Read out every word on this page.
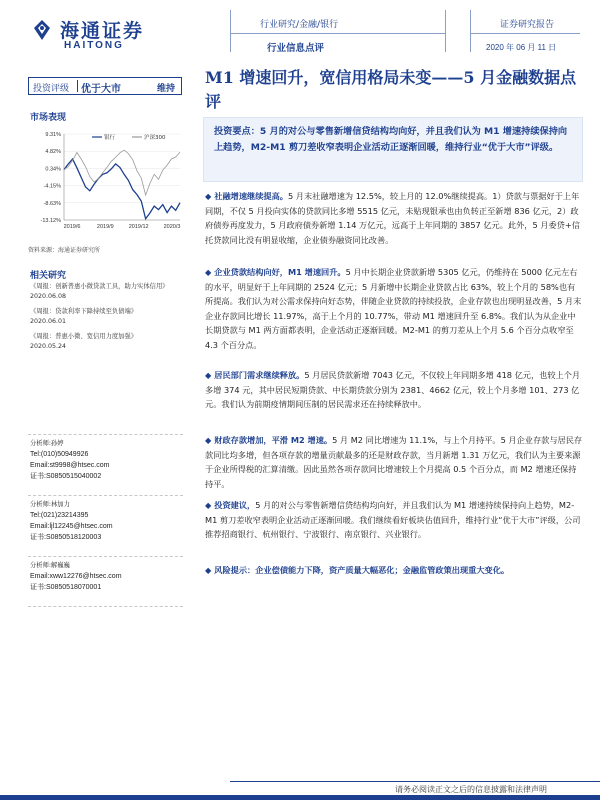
海通证券
HAITONG
行业研究/金融/银行
行业信息点评
证券研究报告
2020 年 06 月 11 日
投资评级 优于大市	维持
市场表现
9.31%
4.82%
0.34%
-4.15%
-8.63%
-13.12%
2019/6	2019/9	2019/12	2020/3
银行	沪深300
资料来源：海通证券研究所
相关研究
《周报：创新普惠小微贷款工具，助力实体信用》
2020.06.08
《周报：贷款利率下降持续至负债端》
2020.06.01
《周报：普惠小微、宽信用力度加强》
2020.05.24
分析师:孙婷
Tel:(010)50949926
Email:st9998@htsec.com
证书:S0850515040002
分析师:林加力
Tel:(021)23214395
Email:ljl12245@htsec.com
证书:S0850518120003
分析师:解巍巍
Email:xww12276@htsec.com
证书:S0850518070001
M1 增速回升，宽信用格局未变——5 月金融数据点评
投资要点：5 月的对公与零售新增信贷结构均向好，并且我们认为 M1 增速持续保持向上趋势，M2-M1 剪刀差收窄表明企业活动正逐渐回暖，维持行业“优于大市”评级。
◆ 社融增速继续提高。5 月末社融增速为 12.5%，较上月的 12.0%继续提高。1）贷款与票据好于上年同期，不仅 5 月投向实体的贷款同比多增 5515 亿元，未贴现银承也由负转正至新增 836 亿元，2）政府债券再度发力，5 月政府债券新增 1.14 万亿元，远高于上年同期的 3857 亿元。此外，5 月委贷+信托贷款同比没有明显收缩，企业债券融资同比改善。
◆ 企业贷款结构向好，M1 增速回升。5 月中长期企业贷款新增 5305 亿元，仍维持在 5000 亿元左右的水平，明显好于上年同期的 2524 亿元；5 月新增中长期企业贷款占比 63%，较上个月的 58%也有所提高。我们认为对公需求保持向好态势，伴随企业贷款的持续投放，企业存款也出现明显改善，5 月末企业存款同比增长 11.97%，高于上个月的 10.77%，带动 M1 增速回升至 6.8%。我们认为从企业中长期贷款与 M1 两方面都表明，企业活动正逐渐回暖。M2-M1 的剪刀差从上个月 5.6 个百分点收窄至 4.3 个百分点。
◆ 居民部门需求继续释放。5 月居民贷款新增 7043 亿元，不仅较上年同期多增 418 亿元，也较上个月多增 374 元，其中居民短期贷款、中长期贷款分别为 2381、4662 亿元，较上个月多增 101、273 亿元。我们认为前期疫情期间压制的居民需求还在持续释放中。
◆ 财政存款增加，平滑 M2 增速。5 月 M2 同比增速为 11.1%，与上个月持平。5 月企业存款与居民存款同比均多增，但各项存款的增量贡献最多的还是财政存款，当月新增 1.31 万亿元，我们认为主要来源于企业所得税的汇算清缴。因此虽然各项存款同比增速较上个月提高 0.5 个百分点，而 M2 增速还保持持平。
◆ 投资建议，5 月的对公与零售新增信贷结构均向好，并且我们认为 M1 增速持续保持向上趋势，M2-M1 剪刀差收窄表明企业活动正逐渐回暖。我们继续看好板块估值回升，维持行业“优于大市”评级，公司推荐招商银行、杭州银行、宁波银行、南京银行、兴业银行。
◆ 风险提示：企业偿债能力下降，资产质量大幅恶化；金融监管政策出现重大变化。
请务必阅读正文之后的信息披露和法律声明
